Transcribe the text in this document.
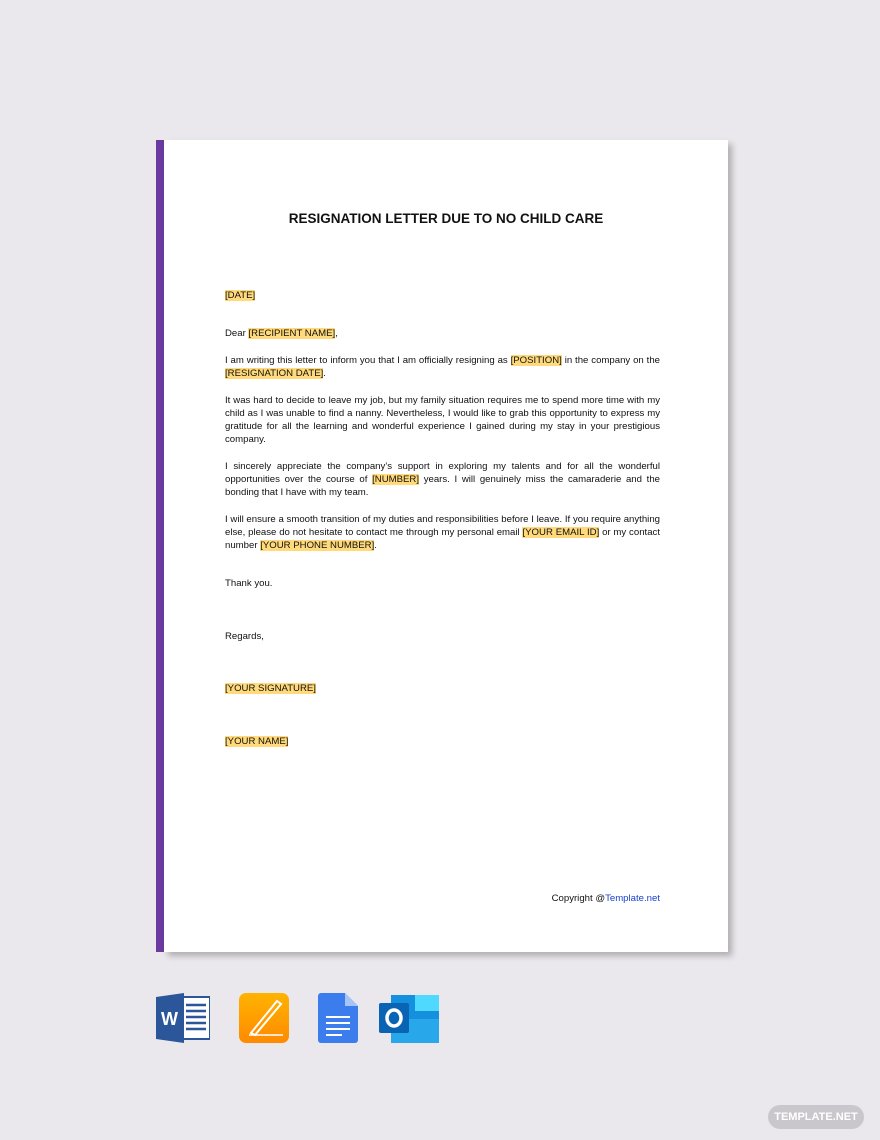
RESIGNATION LETTER DUE TO NO CHILD CARE
[DATE]
Dear [RECIPIENT NAME],
I am writing this letter to inform you that I am officially resigning as [POSITION] in the company on the [RESIGNATION DATE].
It was hard to decide to leave my job, but my family situation requires me to spend more time with my child as I was unable to find a nanny. Nevertheless, I would like to grab this opportunity to express my gratitude for all the learning and wonderful experience I gained during my stay in your prestigious company.
I sincerely appreciate the company’s support in exploring my talents and for all the wonderful opportunities over the course of [NUMBER] years. I will genuinely miss the camaraderie and the bonding that I have with my team.
I will ensure a smooth transition of my duties and responsibilities before I leave. If you require anything else, please do not hesitate to contact me through my personal email [YOUR EMAIL ID] or my contact number [YOUR PHONE NUMBER].
Thank you.
Regards,
[YOUR SIGNATURE]
[YOUR NAME]
Copyright @Template.net
W
TEMPLATE.NET
